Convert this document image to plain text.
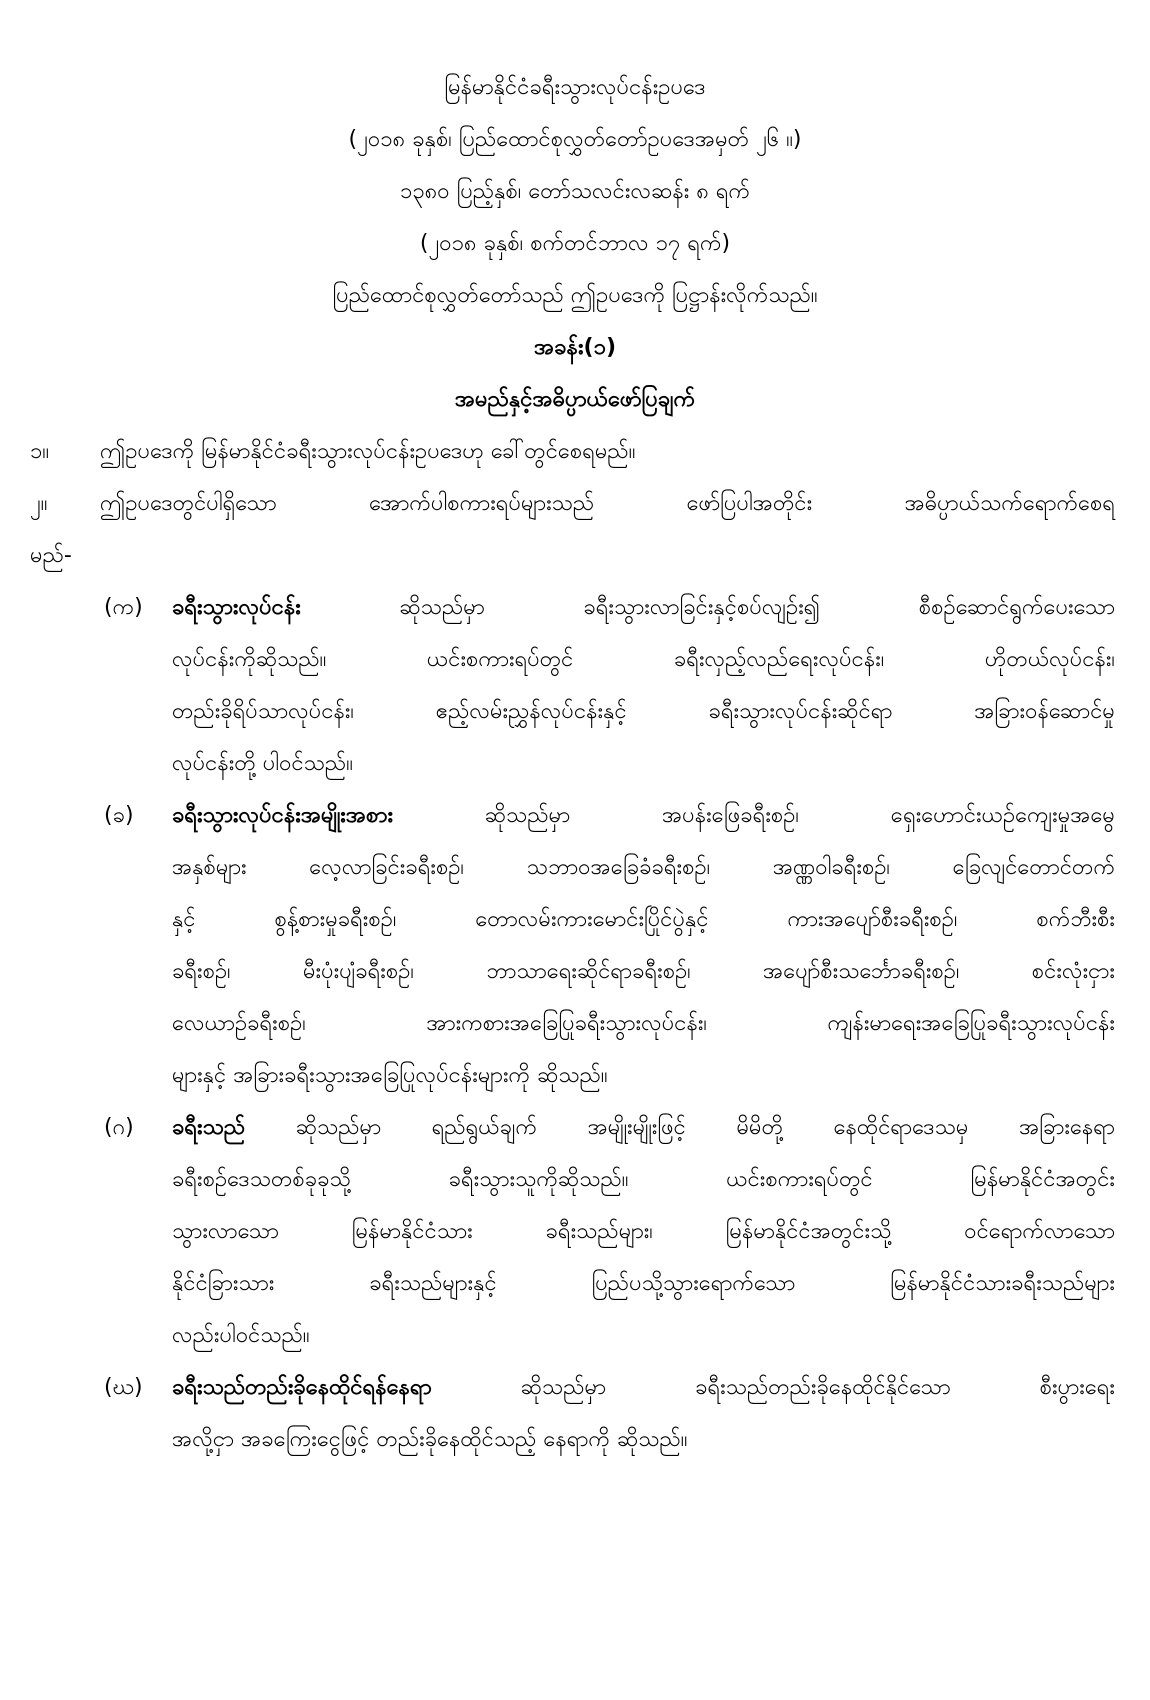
မြန်မာနိုင်ငံခရီးသွားလုပ်ငန်းဥပဒေ
(၂၀၁၈ ခုနှစ်၊ ပြည်ထောင်စုလွှတ်တော်ဥပဒေအမှတ် ၂၆ ။)
၁၃၈၀ ပြည့်နှစ်၊ တော်သလင်းလဆန်း ၈ ရက်
(၂၀၁၈ ခုနှစ်၊ စက်တင်ဘာလ ၁၇ ရက်)
ပြည်ထောင်စုလွှတ်တော်သည် ဤဥပဒေကို ပြဋ္ဌာန်းလိုက်သည်။
အခန်း(၁)
အမည်နှင့်အဓိပ္ပာယ်ဖော်ပြချက်
၁။ ဤဥပဒေကို မြန်မာနိုင်ငံခရီးသွားလုပ်ငန်းဥပဒေဟု ခေါ်တွင်စေရမည်။
၂။ ဤဥပဒေတွင်ပါရှိသော အောက်ပါစကားရပ်များသည် ဖော်ပြပါအတိုင်း အဓိပ္ပာယ်သက်ရောက်စေရ
မည်-
(က) ခရီးသွားလုပ်ငန်း	ဆိုသည်မှာ ခရီးသွားလာခြင်းနှင့်စပ်လျဉ်း၍ စီစဉ်ဆောင်ရွက်ပေးသော
လုပ်ငန်းကိုဆိုသည်။ ယင်းစကားရပ်တွင် ခရီးလှည့်လည်ရေးလုပ်ငန်း၊ ဟိုတယ်လုပ်ငန်း၊
တည်းခိုရိပ်သာလုပ်ငန်း၊ ဧည့်လမ်းညွှန်လုပ်ငန်းနှင့် ခရီးသွားလုပ်ငန်းဆိုင်ရာ အခြားဝန်ဆောင်မှု
လုပ်ငန်းတို့ ပါဝင်သည်။
(ခ) ခရီးသွားလုပ်ငန်းအမျိုးအစား	ဆိုသည်မှာ အပန်းဖြေခရီးစဉ်၊ ရှေးဟောင်းယဉ်ကျေးမှုအမွေ
အနှစ်များ လေ့လာခြင်းခရီးစဉ်၊ သဘာဝအခြေခံခရီးစဉ်၊ အဏ္ဏဝါခရီးစဉ်၊ ခြေလျင်တောင်တက်
နှင့် စွန့်စားမှုခရီးစဉ်၊ တောလမ်းကားမောင်းပြိုင်ပွဲနှင့် ကားအပျော်စီးခရီးစဉ်၊ စက်ဘီးစီး
ခရီးစဉ်၊ မီးပုံးပျံခရီးစဉ်၊ ဘာသာရေးဆိုင်ရာခရီးစဉ်၊ အပျော်စီးသင်္ဘောခရီးစဉ်၊ စင်းလုံးငှား
လေယာဉ်ခရီးစဉ်၊ အားကစားအခြေပြုခရီးသွားလုပ်ငန်း၊ ကျန်းမာရေးအခြေပြုခရီးသွားလုပ်ငန်း
များနှင့် အခြားခရီးသွားအခြေပြုလုပ်ငန်းများကို ဆိုသည်။
(ဂ) ခရီးသည် ဆိုသည်မှာ ရည်ရွယ်ချက် အမျိုးမျိုးဖြင့် မိမိတို့ နေထိုင်ရာဒေသမှ အခြားနေရာ
ခရီးစဉ်ဒေသတစ်ခုခုသို့ ခရီးသွားသူကိုဆိုသည်။ ယင်းစကားရပ်တွင် မြန်မာနိုင်ငံအတွင်း
သွားလာသော မြန်မာနိုင်ငံသား ခရီးသည်များ၊ မြန်မာနိုင်ငံအတွင်းသို့ ဝင်ရောက်လာသော
နိုင်ငံခြားသား ခရီးသည်များနှင့် ပြည်ပသို့သွားရောက်သော မြန်မာနိုင်ငံသားခရီးသည်များ
လည်းပါဝင်သည်။
(ဃ) ခရီးသည်တည်းခိုနေထိုင်ရန်နေရာ	ဆိုသည်မှာ ခရီးသည်တည်းခိုနေထိုင်နိုင်သော စီးပွားရေး
အလို့ငှာ အခကြေးငွေဖြင့် တည်းခိုနေထိုင်သည့် နေရာကို ဆိုသည်။
